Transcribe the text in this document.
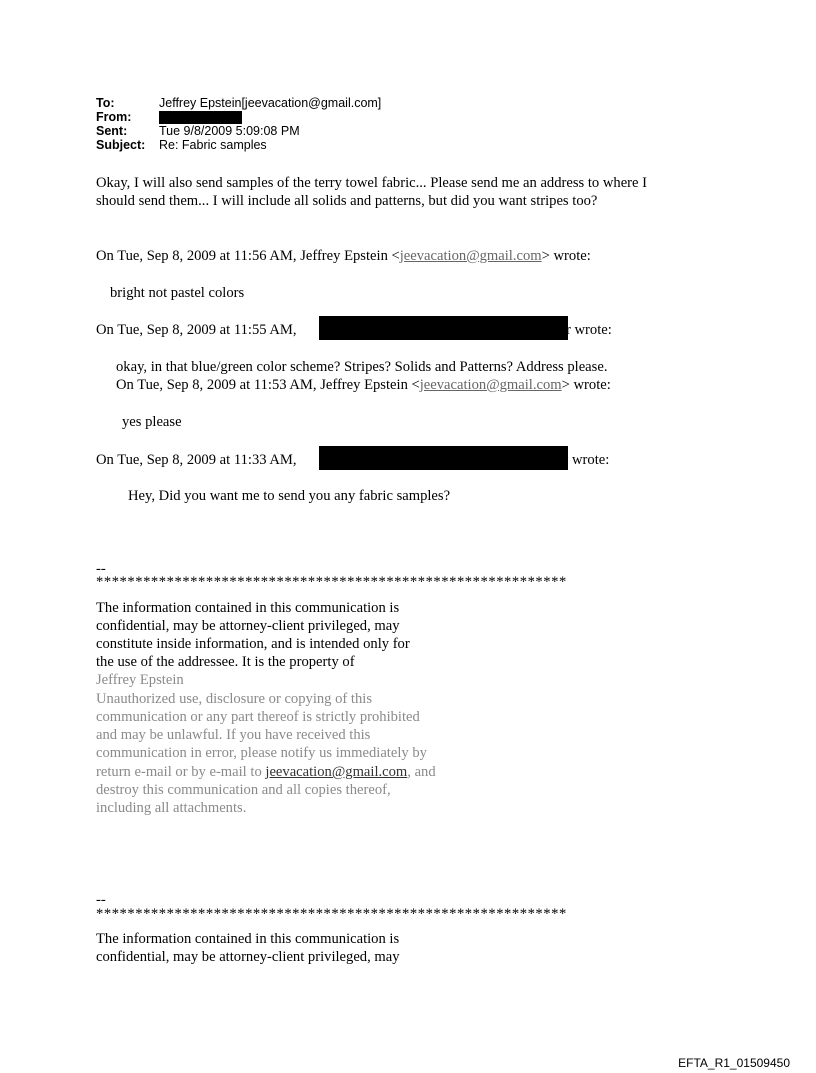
To:	Jeffrey Epstein[jeevacation@gmail.com]
From:
Sent:	Tue 9/8/2009 5:09:08 PM
Subject: Re: Fabric samples
Okay, I will also send samples of the terry towel fabric... Please send me an address to where I
should send them... I will include all solids and patterns, but did you want stripes too?
On Tue, Sep 8, 2009 at 11:56 AM, Jeffrey Epstein <jeevacation@gmail.com> wrote:
bright not pastel colors
On Tue, Sep 8, 2009 at 11:55 AM,	r wrote:
okay, in that blue/green color scheme? Stripes? Solids and Patterns? Address please.
On Tue, Sep 8, 2009 at 11:53 AM, Jeffrey Epstein <jeevacation@gmail.com> wrote:
yes please
On Tue, Sep 8, 2009 at 11:33 AM,	wrote:
Hey, Did you want me to send you any fabric samples?
--
************************************************************
The information contained in this communication is
confidential, may be attorney-client privileged, may
constitute inside information, and is intended only for
the use of the addressee. It is the property of
Jeffrey Epstein
Unauthorized use, disclosure or copying of this
communication or any part thereof is strictly prohibited
and may be unlawful. If you have received this
communication in error, please notify us immediately by
return e-mail or by e-mail to jeevacation@gmail.com, and
destroy this communication and all copies thereof,
including all attachments.
--
************************************************************
The information contained in this communication is
confidential, may be attorney-client privileged, may
EFTA_R1_01509450
